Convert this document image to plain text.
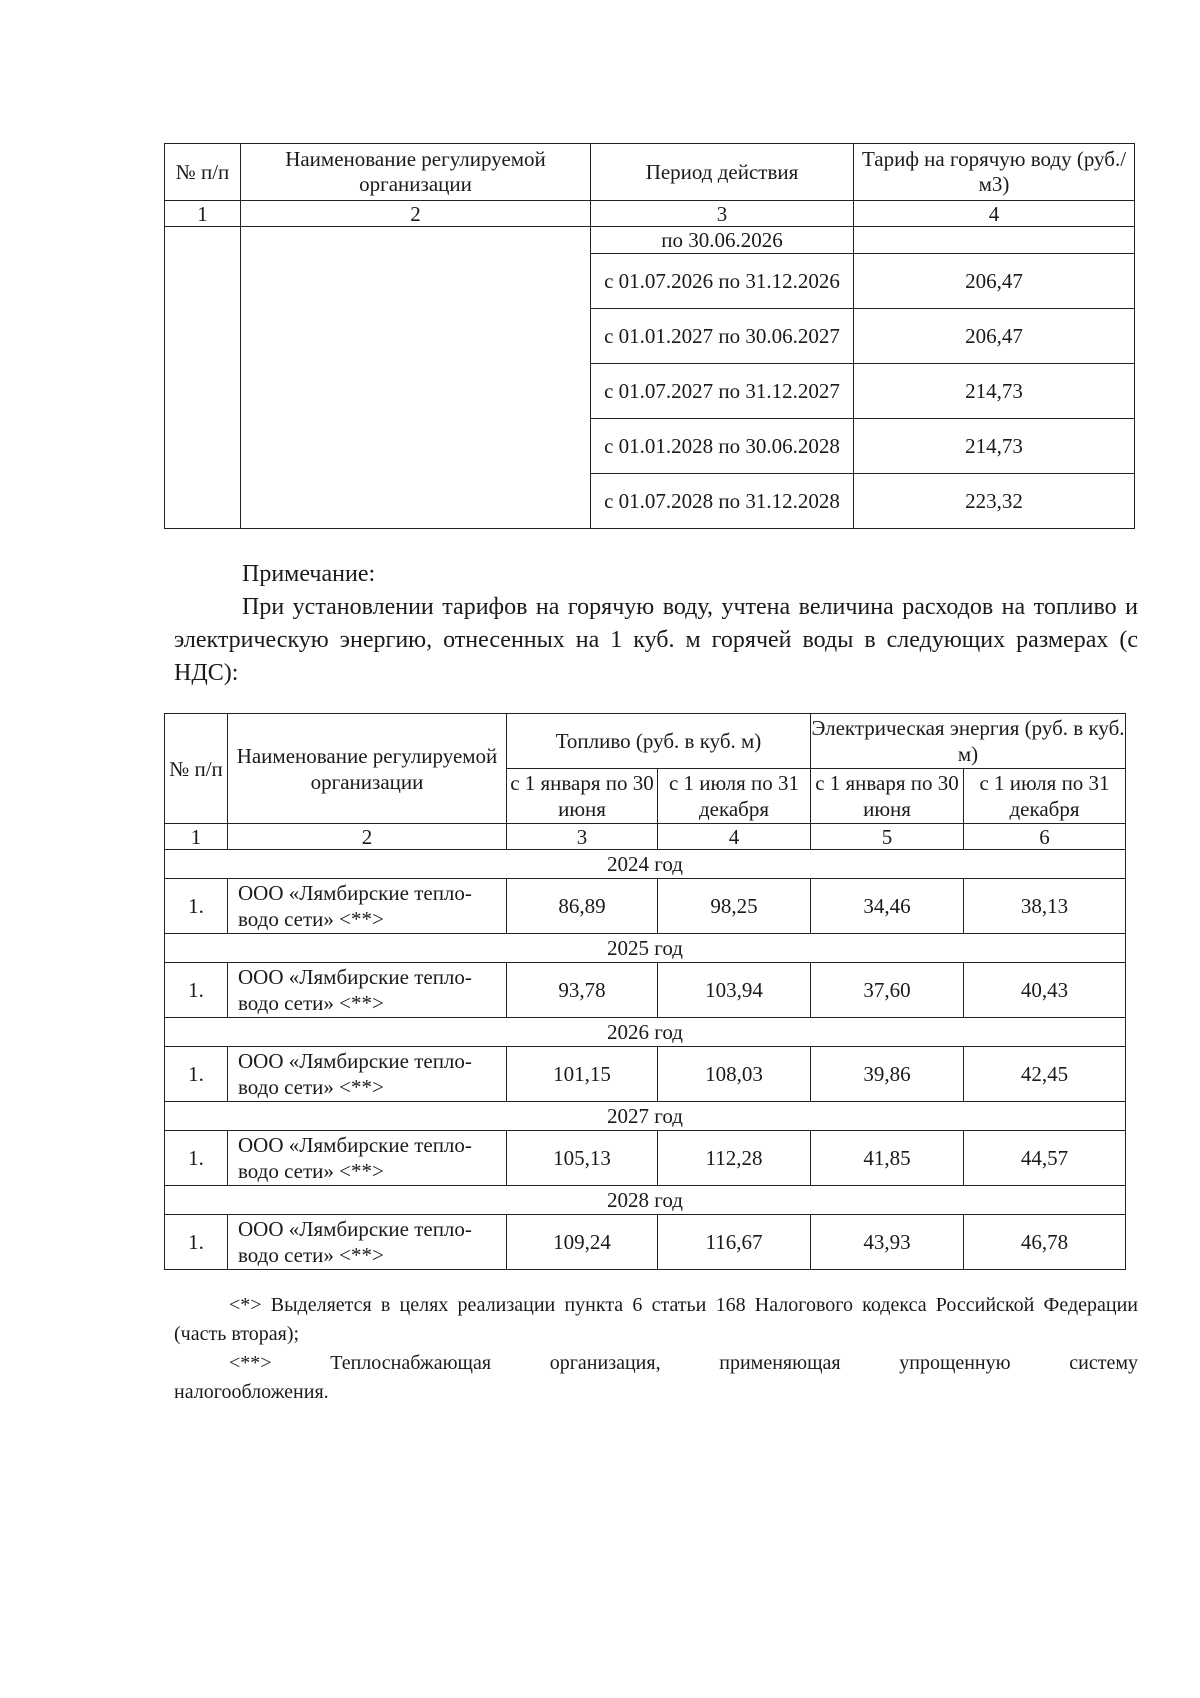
№ п/п	Наименование регулируемой организации	Период действия	Тариф на горячую воду (руб./м3)
1	2	3	4
		по 30.06.2026	
		с 01.07.2026 по 31.12.2026	206,47
		с 01.01.2027 по 30.06.2027	206,47
		с 01.07.2027 по 31.12.2027	214,73
		с 01.01.2028 по 30.06.2028	214,73
		с 01.07.2028 по 31.12.2028	223,32

Примечание:

При установлении тарифов на горячую воду, учтена величина расходов на топливо и электрическую энергию, отнесенных на 1 куб. м горячей воды в следующих размерах (с НДС):

№ п/п	Наименование регулируемой организации	Топливо (руб. в куб. м)		Электрическая энергия (руб. в куб. м)	
		с 1 января по 30 июня	с 1 июля по 31 декабря	с 1 января по 30 июня	с 1 июля по 31 декабря
1	2	3	4	5	6
2024 год					
1.	ООО «Лямбирские тепло-водо сети» <**>	86,89	98,25	34,46	38,13
2025 год					
1.	ООО «Лямбирские тепло-водо сети» <**>	93,78	103,94	37,60	40,43
2026 год					
1.	ООО «Лямбирские тепло-водо сети» <**>	101,15	108,03	39,86	42,45
2027 год					
1.	ООО «Лямбирские тепло-водо сети» <**>	105,13	112,28	41,85	44,57
2028 год					
1.	ООО «Лямбирские тепло-водо сети» <**>	109,24	116,67	43,93	46,78

<*> Выделяется в целях реализации пункта 6 статьи 168 Налогового кодекса Российской Федерации (часть вторая);

<**> Теплоснабжающая организация, применяющая упрощенную систему

налогообложения.
